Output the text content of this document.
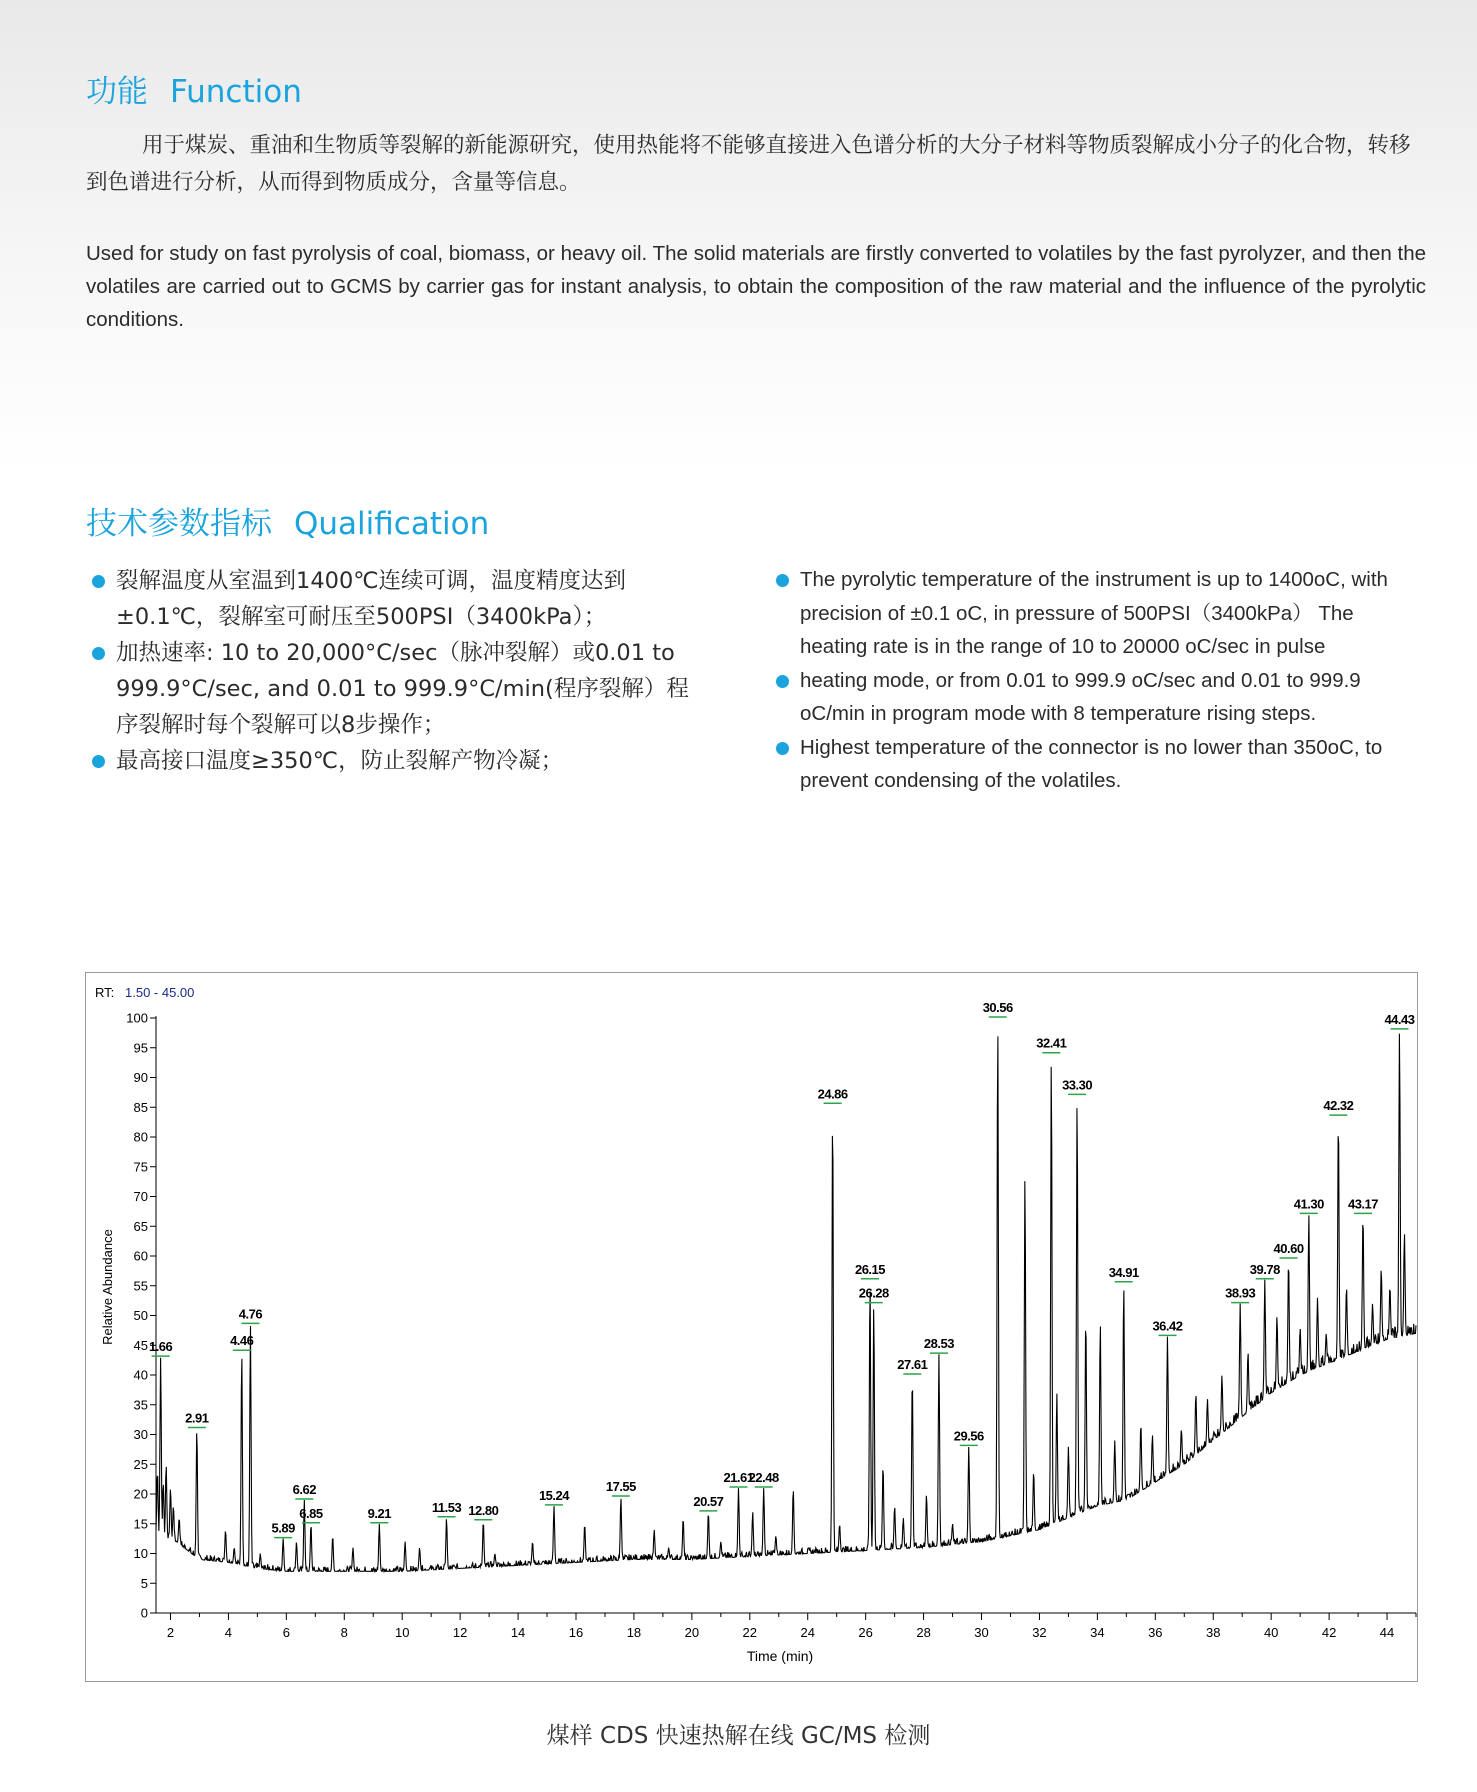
功能 Function
用于煤炭、重油和生物质等裂解的新能源研究，使用热能将不能够直接进入色谱分析的大分子材料等物质裂解成小分子的化合物，转移到色谱进行分析，从而得到物质成分，含量等信息。
Used for study on fast pyrolysis of coal, biomass, or heavy oil. The solid materials are firstly converted to volatiles by the fast pyrolyzer, and then the volatiles are carried out to GCMS by carrier gas for instant analysis, to obtain the composition of the raw material and the influence of the pyrolytic conditions.
技术参数指标 Qualification
裂解温度从室温到1400℃连续可调，温度精度达到±0.1℃，裂解室可耐压至500PSI（3400kPa）；
加热速率: 10 to 20,000°C/sec（脉冲裂解）或0.01 to 999.9°C/sec, and 0.01 to 999.9°C/min(程序裂解）程序裂解时每个裂解可以8步操作；
最高接口温度≥350℃，防止裂解产物冷凝；
The pyrolytic temperature of the instrument is up to 1400oC, with precision of ±0.1 oC, in pressure of 500PSI（3400kPa） The heating rate is in the range of 10 to 20000 oC/sec in pulse
heating mode, or from 0.01 to 999.9 oC/sec and 0.01 to 999.9 oC/min in program mode with 8 temperature rising steps.
Highest temperature of the connector is no lower than 350oC, to prevent condensing of the volatiles.
RT: 1.50 - 45.00
Time (min)
Relative Abundance
0
5
10
15
20
25
30
35
40
45
50
55
60
65
70
75
80
85
90
95
100
2	4	6	8	10	12	14	16	18	20	22	24	26	28	30	32	34	36	38	40	42	44
1.66
2.91
4.46
4.76
5.89
6.62
6.85	9.21	11.53 12.80
15.24
17.55
20.57
21.61
22.48
24.86
26.15
26.28
27.61
28.53
29.56
30.56
32.41
33.30
34.91
36.42
38.93
39.78
40.60
41.30
42.32
43.17
44.43
煤样 CDS 快速热解在线 GC/MS 检测
